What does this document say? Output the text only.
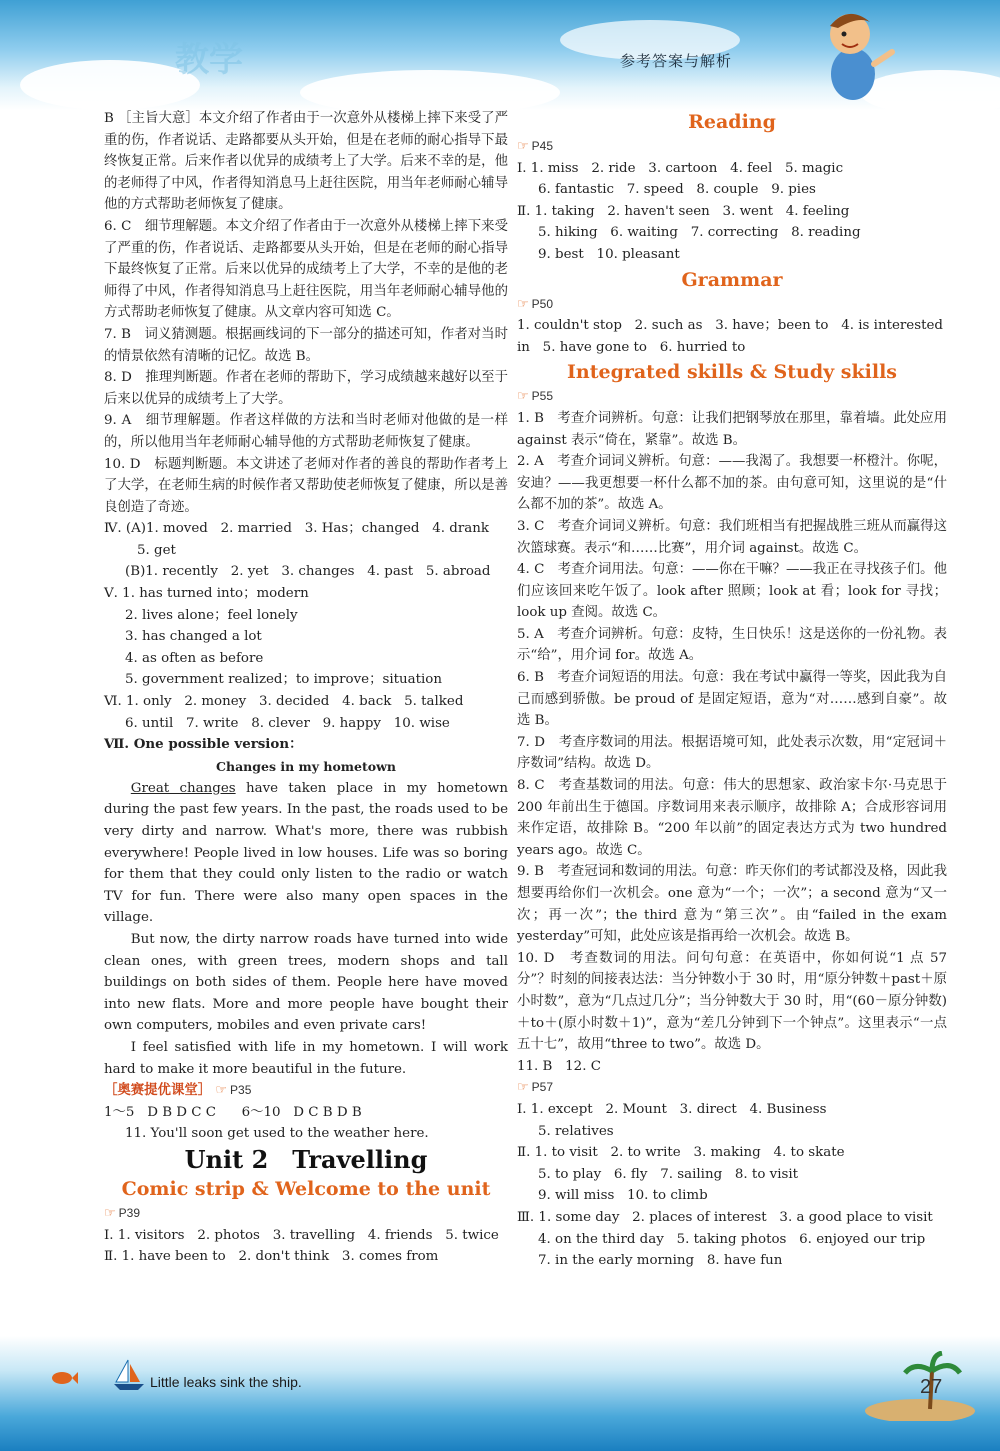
教学	参考答案与解析

B ［主旨大意］本文介绍了作者由于一次意外从楼梯上摔下来受了严重的伤，作者说话、走路都要从头开始，但是在老师的耐心指导下最终恢复正常。后来作者以优异的成绩考上了大学。后来不幸的是，他的老师得了中风，作者得知消息马上赶往医院，用当年老师耐心辅导他的方式帮助老师恢复了健康。

6. C　细节理解题。本文介绍了作者由于一次意外从楼梯上摔下来受了严重的伤，作者说话、走路都要从头开始，但是在老师的耐心指导下最终恢复了正常。后来以优异的成绩考上了大学，不幸的是他的老师得了中风，作者得知消息马上赶往医院，用当年老师耐心辅导他的方式帮助老师恢复了健康。从文章内容可知选 C。

7. B　词义猜测题。根据画线词的下一部分的描述可知，作者对当时的情景依然有清晰的记忆。故选 B。

8. D　推理判断题。作者在老师的帮助下，学习成绩越来越好以至于后来以优异的成绩考上了大学。

9. A　细节理解题。作者这样做的方法和当时老师对他做的是一样的，所以他用当年老师耐心辅导他的方式帮助老师恢复了健康。

10. D　标题判断题。本文讲述了老师对作者的善良的帮助作者考上了大学，在老师生病的时候作者又帮助使老师恢复了健康，所以是善良创造了奇迹。

Ⅳ. (A)1. moved   2. married   3. Has；changed   4. drank
5. get
(B)1. recently   2. yet   3. changes   4. past   5. abroad
Ⅴ. 1. has turned into；modern
2. lives alone；feel lonely
3. has changed a lot
4. as often as before
5. government realized；to improve；situation
Ⅵ. 1. only   2. money   3. decided   4. back   5. talked
6. until   7. write   8. clever   9. happy   10. wise
Ⅶ. One possible version：
Changes in my hometown

Great changes have taken place in my hometown during the past few years. In the past, the roads used to be very dirty and narrow. What's more, there was rubbish everywhere! People lived in low houses. Life was so boring for them that they could only listen to the radio or watch TV for fun. There were also many open spaces in the village.

But now, the dirty narrow roads have turned into wide clean ones, with green trees, modern shops and tall buildings on both sides of them. People here have moved into new flats. More and more people have bought their own computers, mobiles and even private cars!

I feel satisfied with life in my hometown. I will work hard to make it more beautiful in the future.

［奥赛提优课堂］ ☞ P35
1～5   D B D C C      6～10   D C B D B
11. You'll soon get used to the weather here.
Unit 2　Travelling
Comic strip & Welcome to the unit
☞ P39
Ⅰ. 1. visitors   2. photos   3. travelling   4. friends   5. twice
Ⅱ. 1. have been to   2. don't think   3. comes from
Reading
☞ P45
Ⅰ. 1. miss   2. ride   3. cartoon   4. feel   5. magic
6. fantastic   7. speed   8. couple   9. pies
Ⅱ. 1. taking   2. haven't seen   3. went   4. feeling
5. hiking   6. waiting   7. correcting   8. reading
9. best   10. pleasant
Grammar
☞ P50
1. couldn't stop   2. such as   3. have；been to   4. is interested
in   5. have gone to   6. hurried to
Integrated skills & Study skills
☞ P55

1. B　考查介词辨析。句意：让我们把钢琴放在那里，靠着墙。此处应用 against 表示“倚在，紧靠”。故选 B。

2. A　考查介词词义辨析。句意：——我渴了。我想要一杯橙汁。你呢，安迪？——我更想要一杯什么都不加的茶。由句意可知，这里说的是“什么都不加的茶”。故选 A。

3. C　考查介词词义辨析。句意：我们班相当有把握战胜三班从而赢得这次篮球赛。表示“和……比赛”，用介词 against。故选 C。

4. C　考查介词用法。句意：——你在干嘛？——我正在寻找孩子们。他们应该回来吃午饭了。look after 照顾；look at 看；look for 寻找；look up 查阅。故选 C。

5. A　考查介词辨析。句意：皮特，生日快乐！这是送你的一份礼物。表示“给”，用介词 for。故选 A。

6. B　考查介词短语的用法。句意：我在考试中赢得一等奖，因此我为自己而感到骄傲。be proud of 是固定短语，意为“对……感到自豪”。故选 B。

7. D　考查序数词的用法。根据语境可知，此处表示次数，用“定冠词＋序数词”结构。故选 D。

8. C　考查基数词的用法。句意：伟大的思想家、政治家卡尔·马克思于 200 年前出生于德国。序数词用来表示顺序，故排除 A；合成形容词用来作定语，故排除 B。“200 年以前”的固定表达方式为 two hundred years ago。故选 C。

9. B　考查冠词和数词的用法。句意：昨天你们的考试都没及格，因此我想要再给你们一次机会。one 意为“一个；一次”；a second 意为“又一次；再一次”；the third 意为“第三次”。由“failed in the exam yesterday”可知，此处应该是指再给一次机会。故选 B。

10. D　考查数词的用法。问句句意：在英语中，你如何说“1 点 57 分”？时刻的间接表达法：当分钟数小于 30 时，用“原分钟数＋past＋原小时数”，意为“几点过几分”；当分钟数大于 30 时，用“(60－原分钟数)＋to＋(原小时数＋1)”，意为“差几分钟到下一个钟点”。这里表示“一点五十七”，故用“three to two”。故选 D。

11. B   12. C
☞ P57
Ⅰ. 1. except   2. Mount   3. direct   4. Business
5. relatives
Ⅱ. 1. to visit   2. to write   3. making   4. to skate
5. to play   6. fly   7. sailing   8. to visit
9. will miss   10. to climb
Ⅲ. 1. some day   2. places of interest   3. a good place to visit
4. on the third day   5. taking photos   6. enjoyed our trip
7. in the early morning   8. have fun
Little leaks sink the ship.	27
